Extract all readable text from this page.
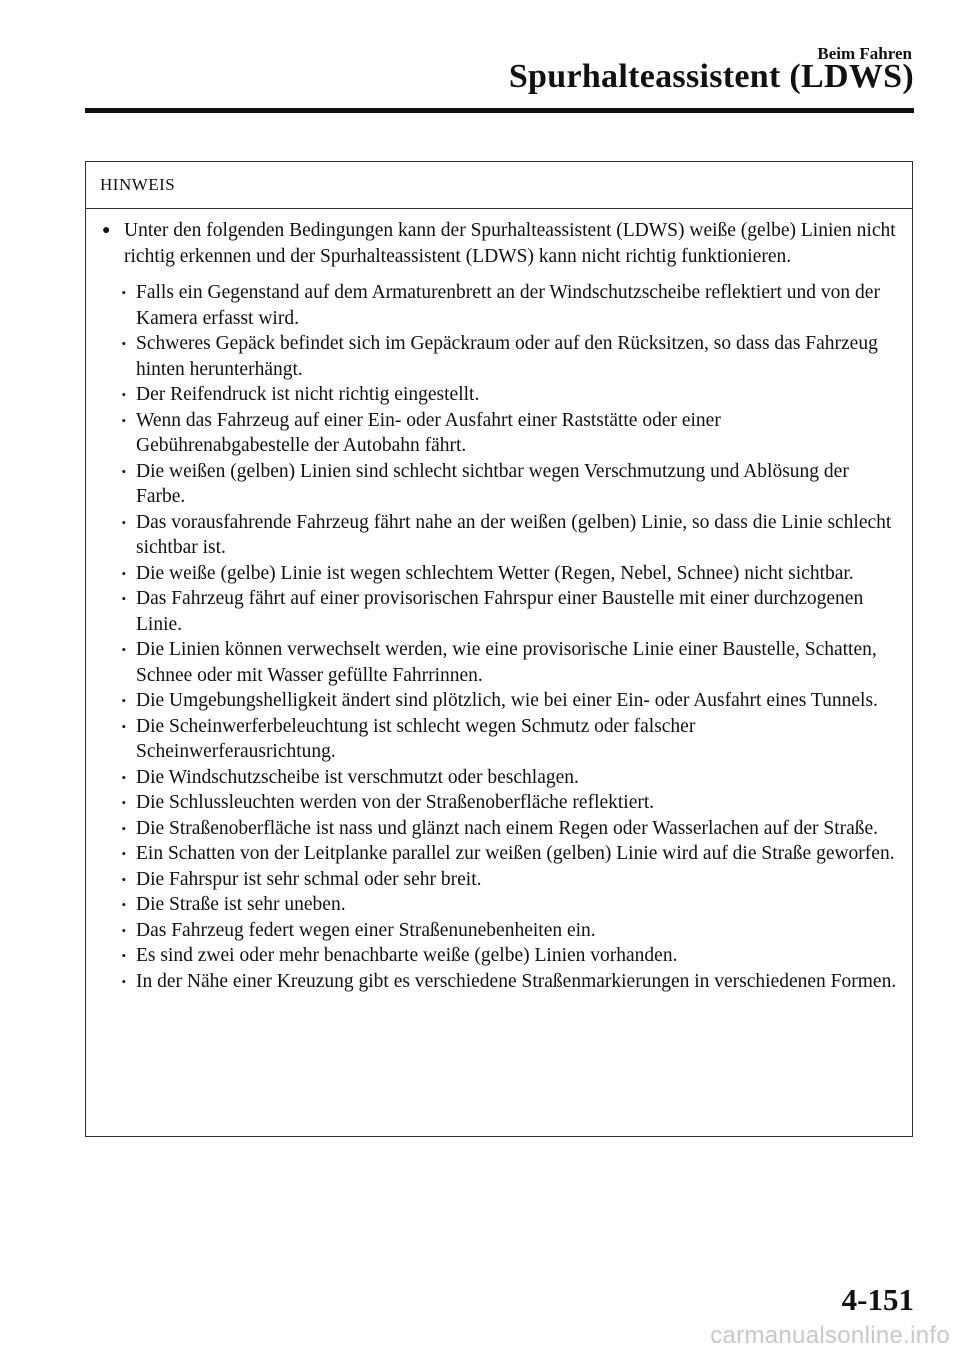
Beim Fahren
Spurhalteassistent (LDWS)
HINWEIS
● Unter den folgenden Bedingungen kann der Spurhalteassistent (LDWS) weiße (gelbe) Linien nicht richtig erkennen und der Spurhalteassistent (LDWS) kann nicht richtig funktionieren.
• Falls ein Gegenstand auf dem Armaturenbrett an der Windschutzscheibe reflektiert und von der Kamera erfasst wird.
• Schweres Gepäck befindet sich im Gepäckraum oder auf den Rücksitzen, so dass das Fahrzeug hinten herunterhängt.
• Der Reifendruck ist nicht richtig eingestellt.
• Wenn das Fahrzeug auf einer Ein- oder Ausfahrt einer Raststätte oder einer Gebührenabgabestelle der Autobahn fährt.
• Die weißen (gelben) Linien sind schlecht sichtbar wegen Verschmutzung und Ablösung der Farbe.
• Das vorausfahrende Fahrzeug fährt nahe an der weißen (gelben) Linie, so dass die Linie schlecht sichtbar ist.
• Die weiße (gelbe) Linie ist wegen schlechtem Wetter (Regen, Nebel, Schnee) nicht sichtbar.
• Das Fahrzeug fährt auf einer provisorischen Fahrspur einer Baustelle mit einer durchzogenen Linie.
• Die Linien können verwechselt werden, wie eine provisorische Linie einer Baustelle, Schatten, Schnee oder mit Wasser gefüllte Fahrrinnen.
• Die Umgebungshelligkeit ändert sind plötzlich, wie bei einer Ein- oder Ausfahrt eines Tunnels.
• Die Scheinwerferbeleuchtung ist schlecht wegen Schmutz oder falscher Scheinwerferausrichtung.
• Die Windschutzscheibe ist verschmutzt oder beschlagen.
• Die Schlussleuchten werden von der Straßenoberfläche reflektiert.
• Die Straßenoberfläche ist nass und glänzt nach einem Regen oder Wasserlachen auf der Straße.
• Ein Schatten von der Leitplanke parallel zur weißen (gelben) Linie wird auf die Straße geworfen.
• Die Fahrspur ist sehr schmal oder sehr breit.
• Die Straße ist sehr uneben.
• Das Fahrzeug federt wegen einer Straßenunebenheiten ein.
• Es sind zwei oder mehr benachbarte weiße (gelbe) Linien vorhanden.
• In der Nähe einer Kreuzung gibt es verschiedene Straßenmarkierungen in verschiedenen Formen.
4-151
carmanualsonline.info
